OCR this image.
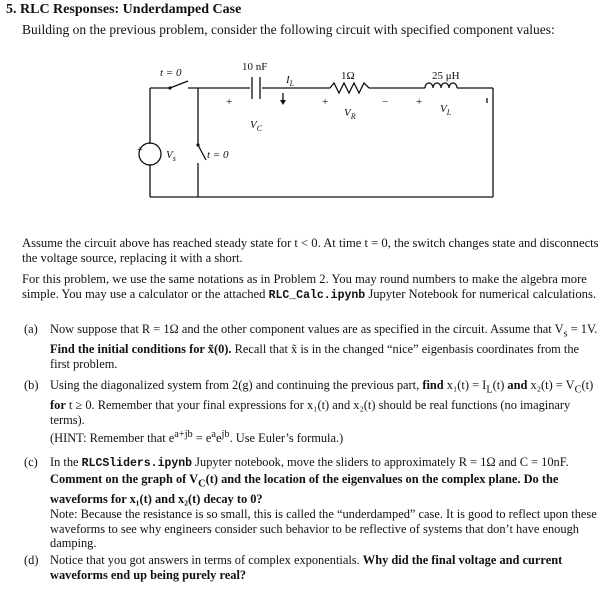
5. RLC Responses: Underdamped Case
Building on the previous problem, consider the following circuit with specified component values:
t = 0	10 nF
+
$V_C$
$I_L$
1Ω
+	−
$V_R$
25 μH
+
$V_L$
+ $V_s$	t = 0
Assume the circuit above has reached steady state for t < 0. At time t = 0, the switch changes state and disconnects the voltage source, replacing it with a short.
For this problem, we use the same notations as in Problem 2. You may round numbers to make the algebra more simple. You may use a calculator or the attached RLC_Calc.ipynb Jupyter Notebook for numerical calculations.
(a) Now suppose that R = 1Ω and the other component values are as specified in the circuit. Assume that $V_s = 1V$. Find the initial conditions for x̃(0). Recall that x̃ is in the changed “nice” eigenbasis coordinates from the first problem.
(b) Using the diagonalized system from 2(g) and continuing the previous part, find $x_1(t) = I_L(t)$ and $x_2(t) = V_C(t)$ for t ≥ 0. Remember that your final expressions for x₁(t) and x₂(t) should be real functions (no imaginary terms).
(HINT: Remember that $e^{a+jb} = e^ae^{jb}$. Use Euler’s formula.)
(c) In the RLCSliders.ipynb Jupyter notebook, move the sliders to approximately R = 1Ω and C = 10nF. Comment on the graph of $V_C(t)$ and the location of the eigenvalues on the complex plane. Do the waveforms for x₁(t) and x₂(t) decay to 0?
Note: Because the resistance is so small, this is called the “underdamped” case. It is good to reflect upon these waveforms to see why engineers consider such behavior to be reflective of systems that don’t have enough damping.
(d) Notice that you got answers in terms of complex exponentials. Why did the final voltage and current waveforms end up being purely real?
